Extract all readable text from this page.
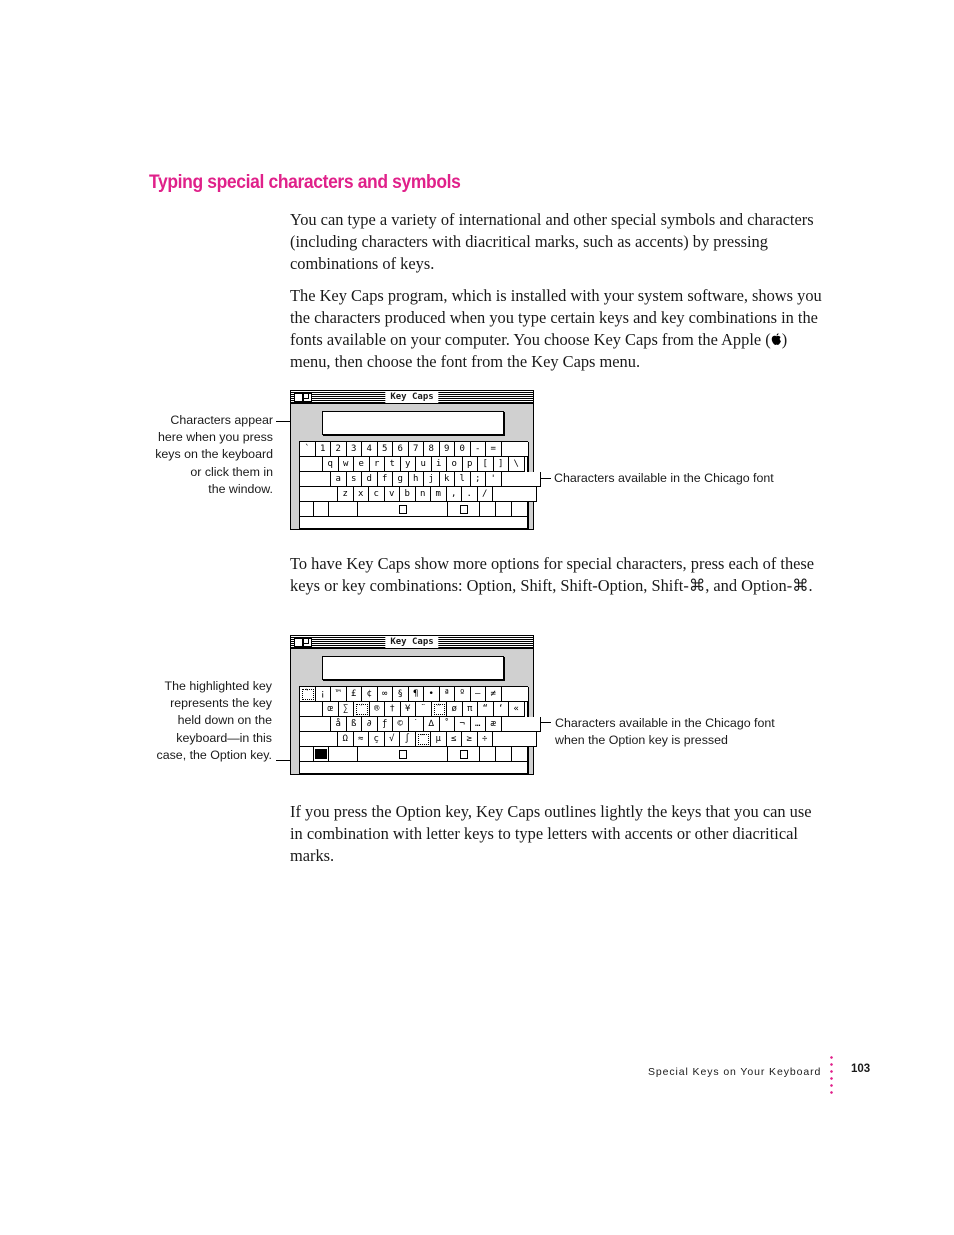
Typing special characters and symbols

You can type a variety of international and other special symbols and characters (including characters with diacritical marks, such as accents) by pressing combinations of keys.

The Key Caps program, which is installed with your system software, shows you the characters produced when you type certain keys and key combinations in the fonts available on your computer. You choose Key Caps from the Apple ( ) menu, then choose the font from the Key Caps menu.

Characters appear
here when you press
keys on the keyboard
or click them in
the window.
Characters available in the Chicago font
Key Caps
`	1	2	3	4	5	6	7	8	9	0	-	=
q	w	e	r	t	y	u	i	o	p	[	]	\
a	s	d	f	g	h	j	k	l	;	'
z	x	c	v	b	n	m	,	.	/

To have Key Caps show more options for special characters, press each of these keys or key combinations: Option, Shift, Shift-Option, Shift-⌘, and Option-⌘.

The highlighted key
represents the key
held down on the
keyboard—in this
case, the Option key.
Characters available in the Chicago font
when the Option key is pressed
Key Caps
`	¡	™	£	¢	∞	§	¶	•	ª	º	–	≠
œ	∑	´	®	†	¥	¨	ˆ	ø	π	“	‘	«
å	ß	∂	ƒ	©	˙	∆	˚	¬	…	æ
Ω	≈	ç	√	∫	˜	µ	≤	≥	÷

If you press the Option key, Key Caps outlines lightly the keys that you can use in combination with letter keys to type letters with accents or other diacritical marks.

Special Keys on Your Keyboard	103
